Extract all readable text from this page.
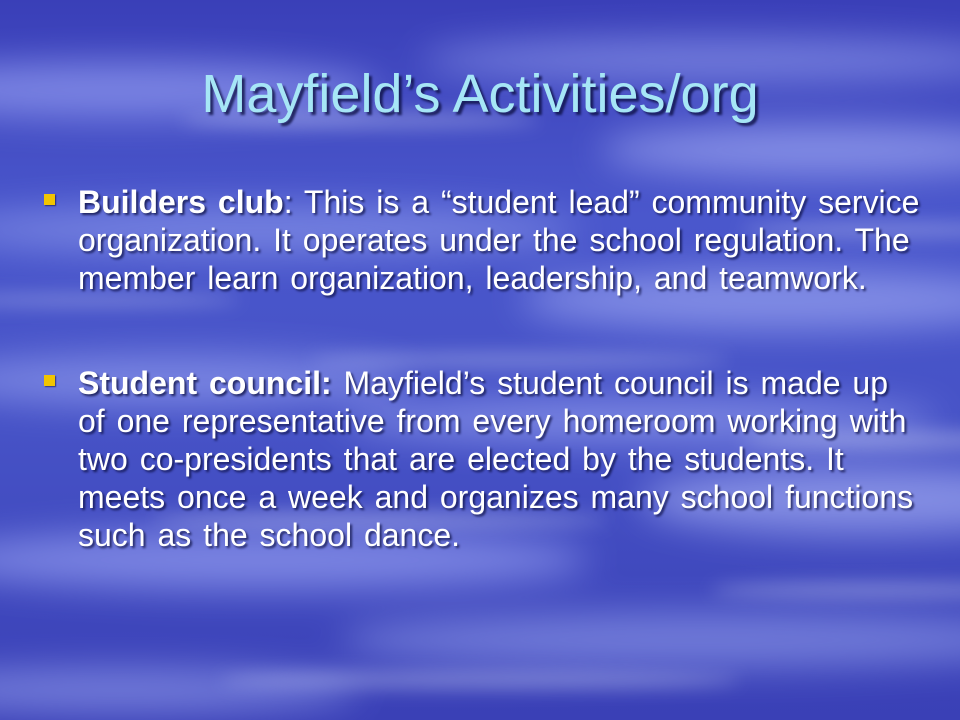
Mayfield’s Activities/org
Builders club: This is a “student lead” community service organization. It operates under the school regulation. The member learn organization, leadership, and teamwork.
Student council: Mayfield’s student council is made up of one representative from every homeroom working with two co-presidents that are elected by the students. It meets once a week and organizes many school functions such as the school dance.
